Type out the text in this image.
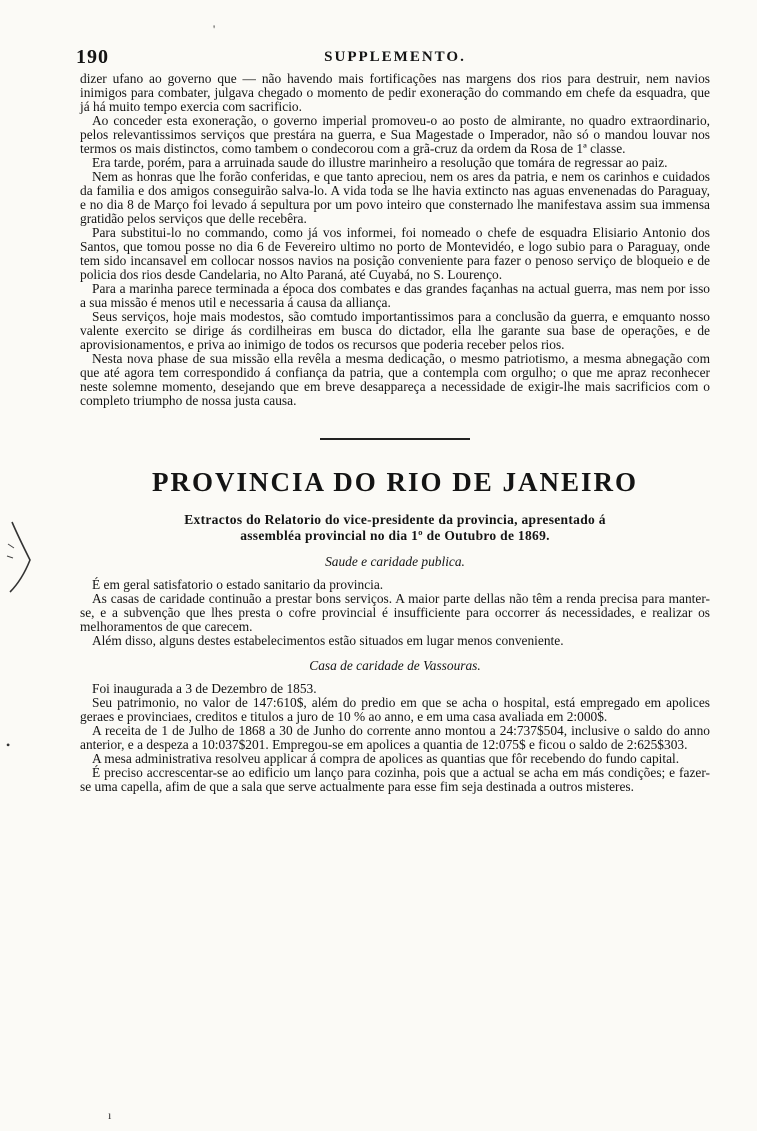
'
•
ı
190	SUPPLEMENTO.

dizer ufano ao governo que — não havendo mais fortificações nas margens dos rios para destruir, nem navios inimigos para combater, julgava chegado o momento de pedir exoneração do commando em chefe da esquadra, que já há muito tempo exercia com sacrificio.

Ao conceder esta exoneração, o governo imperial promoveu-o ao posto de almirante, no quadro extraordinario, pelos relevantissimos serviços que prestára na guerra, e Sua Magestade o Imperador, não só o mandou louvar nos termos os mais distinctos, como tambem o condecorou com a grã-cruz da ordem da Rosa de 1ª classe.

Era tarde, porém, para a arruinada saude do illustre marinheiro a resolução que tomára de regressar ao paiz.

Nem as honras que lhe forão conferidas, e que tanto apreciou, nem os ares da patria, e nem os carinhos e cuidados da familia e dos amigos conseguirão salva-lo. A vida toda se lhe havia extincto nas aguas envenenadas do Paraguay, e no dia 8 de Março foi levado á sepultura por um povo inteiro que consternado lhe manifestava assim sua immensa gratidão pelos serviços que delle recebêra.

Para substitui-lo no commando, como já vos informei, foi nomeado o chefe de esquadra Elisiario Antonio dos Santos, que tomou posse no dia 6 de Fevereiro ultimo no porto de Montevidéo, e logo subio para o Paraguay, onde tem sido incansavel em collocar nossos navios na posição conveniente para fazer o penoso serviço de bloqueio e de policia dos rios desde Candelaria, no Alto Paraná, até Cuyabá, no S. Lourenço.

Para a marinha parece terminada a época dos combates e das grandes façanhas na actual guerra, mas nem por isso a sua missão é menos util e necessaria á causa da alliança.

Seus serviços, hoje mais modestos, são comtudo importantissimos para a conclusão da guerra, e emquanto nosso valente exercito se dirige ás cordilheiras em busca do dictador, ella lhe garante sua base de operações, e de aprovisionamentos, e priva ao inimigo de todos os recursos que poderia receber pelos rios.

Nesta nova phase de sua missão ella revêla a mesma dedicação, o mesmo patriotismo, a mesma abnegação com que até agora tem correspondido á confiança da patria, que a contempla com orgulho; o que me apraz reconhecer neste solemne momento, desejando que em breve desappareça a necessidade de exigir-lhe mais sacrificios com o completo triumpho de nossa justa causa.

PROVINCIA DO RIO DE JANEIRO
Extractos do Relatorio do vice-presidente da provincia, apresentado á
assembléa provincial no dia 1º de Outubro de 1869.
Saude e caridade publica.

É em geral satisfatorio o estado sanitario da provincia.

As casas de caridade continuão a prestar bons serviços. A maior parte dellas não têm a renda precisa para manter-se, e a subvenção que lhes presta o cofre provincial é insufficiente para occorrer ás necessidades, e realizar os melhoramentos de que carecem.

Além disso, alguns destes estabelecimentos estão situados em lugar menos conveniente.

Casa de caridade de Vassouras.

Foi inaugurada a 3 de Dezembro de 1853.

Seu patrimonio, no valor de 147:610$, além do predio em que se acha o hospital, está empregado em apolices geraes e provinciaes, creditos e titulos a juro de 10 % ao anno, e em uma casa avaliada em 2:000$.

A receita de 1 de Julho de 1868 a 30 de Junho do corrente anno montou a 24:737$504, inclusive o saldo do anno anterior, e a despeza a 10:037$201. Empregou-se em apolices a quantia de 12:075$ e ficou o saldo de 2:625$303.

A mesa administrativa resolveu applicar á compra de apolices as quantias que fôr recebendo do fundo capital.

É preciso accrescentar-se ao edificio um lanço para cozinha, pois que a actual se acha em más condições; e fazer-se uma capella, afim de que a sala que serve actualmente para esse fim seja destinada a outros misteres.
